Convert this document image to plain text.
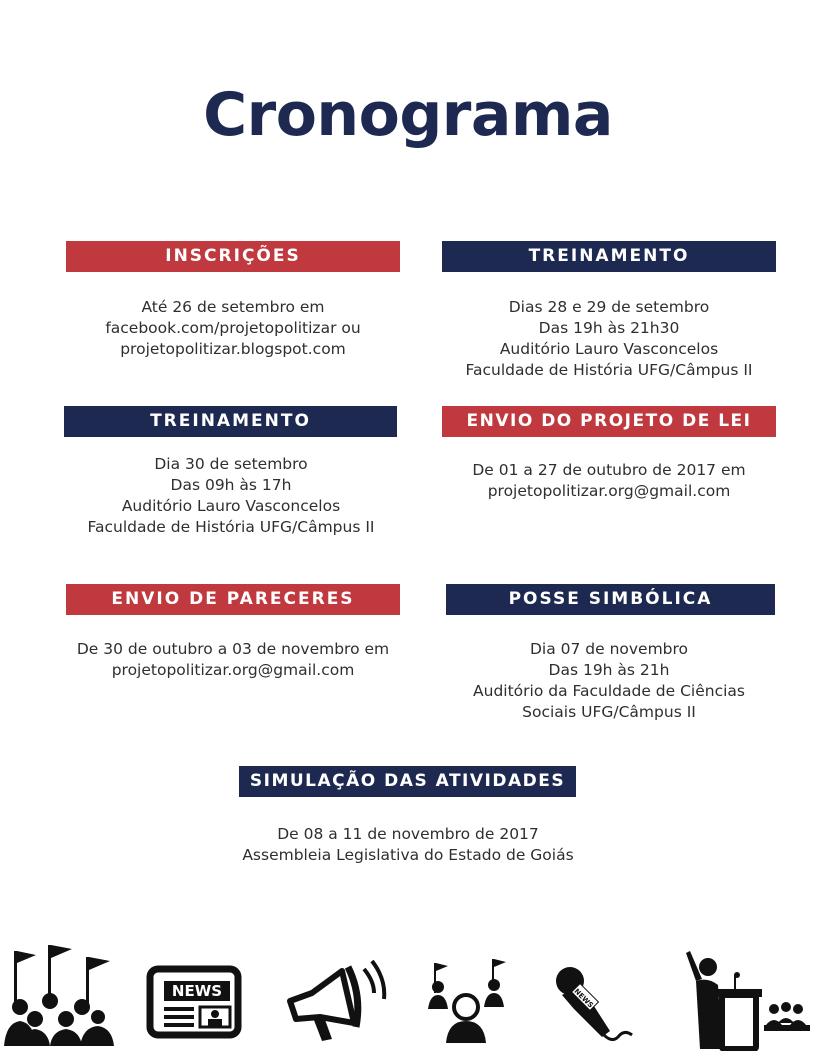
Cronograma
INSCRIÇÕES
Até 26 de setembro em
facebook.com/projetopolitizar ou
projetopolitizar.blogspot.com
TREINAMENTO
Dias 28 e 29 de setembro
Das 19h às 21h30
Auditório Lauro Vasconcelos
Faculdade de História UFG/Câmpus II
TREINAMENTO
Dia 30 de setembro
Das 09h às 17h
Auditório Lauro Vasconcelos
Faculdade de História UFG/Câmpus II
ENVIO DO PROJETO DE LEI
De 01 a 27 de outubro de 2017 em
projetopolitizar.org@gmail.com
ENVIO DE PARECERES
De 30 de outubro a 03 de novembro em
projetopolitizar.org@gmail.com
POSSE SIMBÓLICA
Dia 07 de novembro
Das 19h às 21h
Auditório da Faculdade de Ciências
Sociais UFG/Câmpus II
SIMULAÇÃO DAS ATIVIDADES
De 08 a 11 de novembro de 2017
Assembleia Legislativa do Estado de Goiás
NEWS	NEWS
